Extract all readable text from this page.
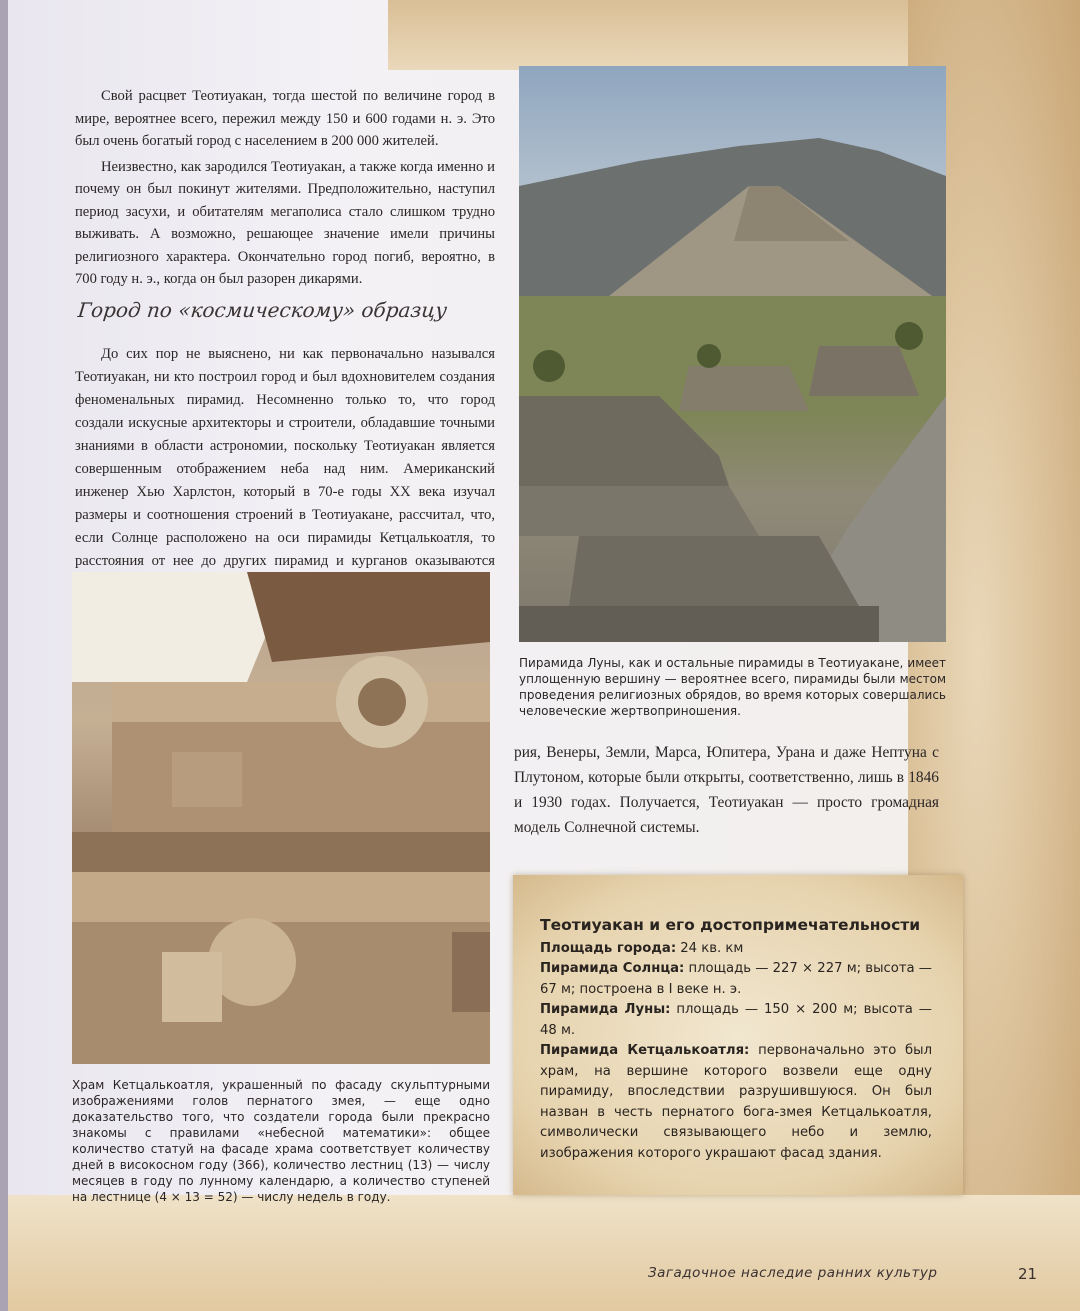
Свой расцвет Теотиуакан, тогда шестой по величине город в мире, вероятнее всего, пережил между 150 и 600 годами н. э. Это был очень богатый город с населением в 200 000 жителей.

Неизвестно, как зародился Теотиуакан, а также когда именно и почему он был покинут жителями. Предположительно, наступил период засухи, и обитателям мегаполиса стало слишком трудно выживать. А возможно, решающее значение имели причины религиозного характера. Окончательно город погиб, вероятно, в 700 году н. э., когда он был разорен дикарями.

Город по «космическому» образцу

До сих пор не выяснено, ни как первоначально назывался Теотиуакан, ни кто построил город и был вдохновителем создания феноменальных пирамид. Несомненно только то, что город создали искусные архитекторы и строители, обладавшие точными знаниями в области астрономии, поскольку Теотиуакан является совершенным отображением неба над ним. Американский инженер Хью Харлстон, который в 70-е годы XX века изучал размеры и соотношения строений в Теотиуакане, рассчитал, что, если Солнце расположено на оси пирамиды Кетцалькоатля, то расстояния от нее до других пирамид и курганов оказываются

Пирамида Луны, как и остальные пирамиды в Теотиуакане, имеет уплощенную вершину — вероятнее всего, пирамиды были местом проведения религиозных обрядов, во время которых совершались человеческие жертвоприношения.
Храм Кетцалькоатля, украшенный по фасаду скульптурными изображениями голов пернатого змея, — еще одно доказательство того, что создатели города были прекрасно знакомы с правилами «небесной математики»: общее количество статуй на фасаде храма соответствует количеству дней в високосном году (366), количество лестниц (13) — числу месяцев в году по лунному календарю, а количество ступеней на лестнице (4 × 13 = 52) — числу недель в году.

рия, Венеры, Земли, Марса, Юпитера, Урана и даже Нептуна с Плутоном, которые были открыты, соответственно, лишь в 1846 и 1930 годах. Получается, Теотиуакан — просто громадная модель Солнечной системы.

Теотиуакан и его достопримечательности

Площадь города: 24 кв. км

Пирамида Солнца: площадь — 227 × 227 м; высота — 67 м; построена в I веке н. э.

Пирамида Луны: площадь — 150 × 200 м; высота — 48 м.

Пирамида Кетцалькоатля: первоначально это был храм, на вершине которого возвели еще одну пирамиду, впоследствии разрушившуюся. Он был назван в честь пернатого бога-змея Кетцалькоатля, символически связывающего небо и землю, изображения которого украшают фасад здания.

Загадочное наследие ранних культур	21
